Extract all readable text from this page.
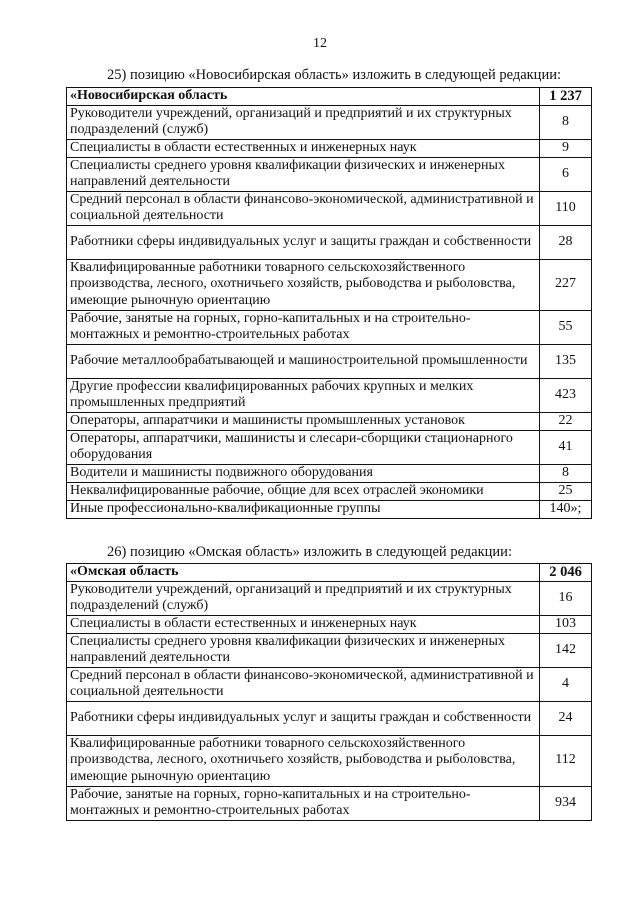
12
25) позицию «Новосибирская область» изложить в следующей редакции:
«Новосибирская область	1 237
Руководители учреждений, организаций и предприятий и их структурных подразделений (служб)	8
Специалисты в области естественных и инженерных наук	9
Специалисты среднего уровня квалификации физических и инженерных направлений деятельности	6
Средний персонал в области финансово-экономической, административной и социальной деятельности	110
Работники сферы индивидуальных услуг и защиты граждан и собственности	28
Квалифицированные работники товарного сельскохозяйственного производства, лесного, охотничьего хозяйств, рыбоводства и рыболовства, имеющие рыночную ориентацию	227
Рабочие, занятые на горных, горно-капитальных и на строительно-монтажных и ремонтно-строительных работах	55
Рабочие металлообрабатывающей и машиностроительной промышленности	135
Другие профессии квалифицированных рабочих крупных и мелких промышленных предприятий	423
Операторы, аппаратчики и машинисты промышленных установок	22
Операторы, аппаратчики, машинисты и слесари-сборщики стационарного оборудования	41
Водители и машинисты подвижного оборудования	8
Неквалифицированные рабочие, общие для всех отраслей экономики	25
Иные профессионально-квалификационные группы	140»;
26) позицию «Омская область» изложить в следующей редакции:
«Омская область	2 046
Руководители учреждений, организаций и предприятий и их структурных подразделений (служб)	16
Специалисты в области естественных и инженерных наук	103
Специалисты среднего уровня квалификации физических и инженерных направлений деятельности	142
Средний персонал в области финансово-экономической, административной и социальной деятельности	4
Работники сферы индивидуальных услуг и защиты граждан и собственности	24
Квалифицированные работники товарного сельскохозяйственного производства, лесного, охотничьего хозяйств, рыбоводства и рыболовства, имеющие рыночную ориентацию	112
Рабочие, занятые на горных, горно-капитальных и на строительно-монтажных и ремонтно-строительных работах	934
